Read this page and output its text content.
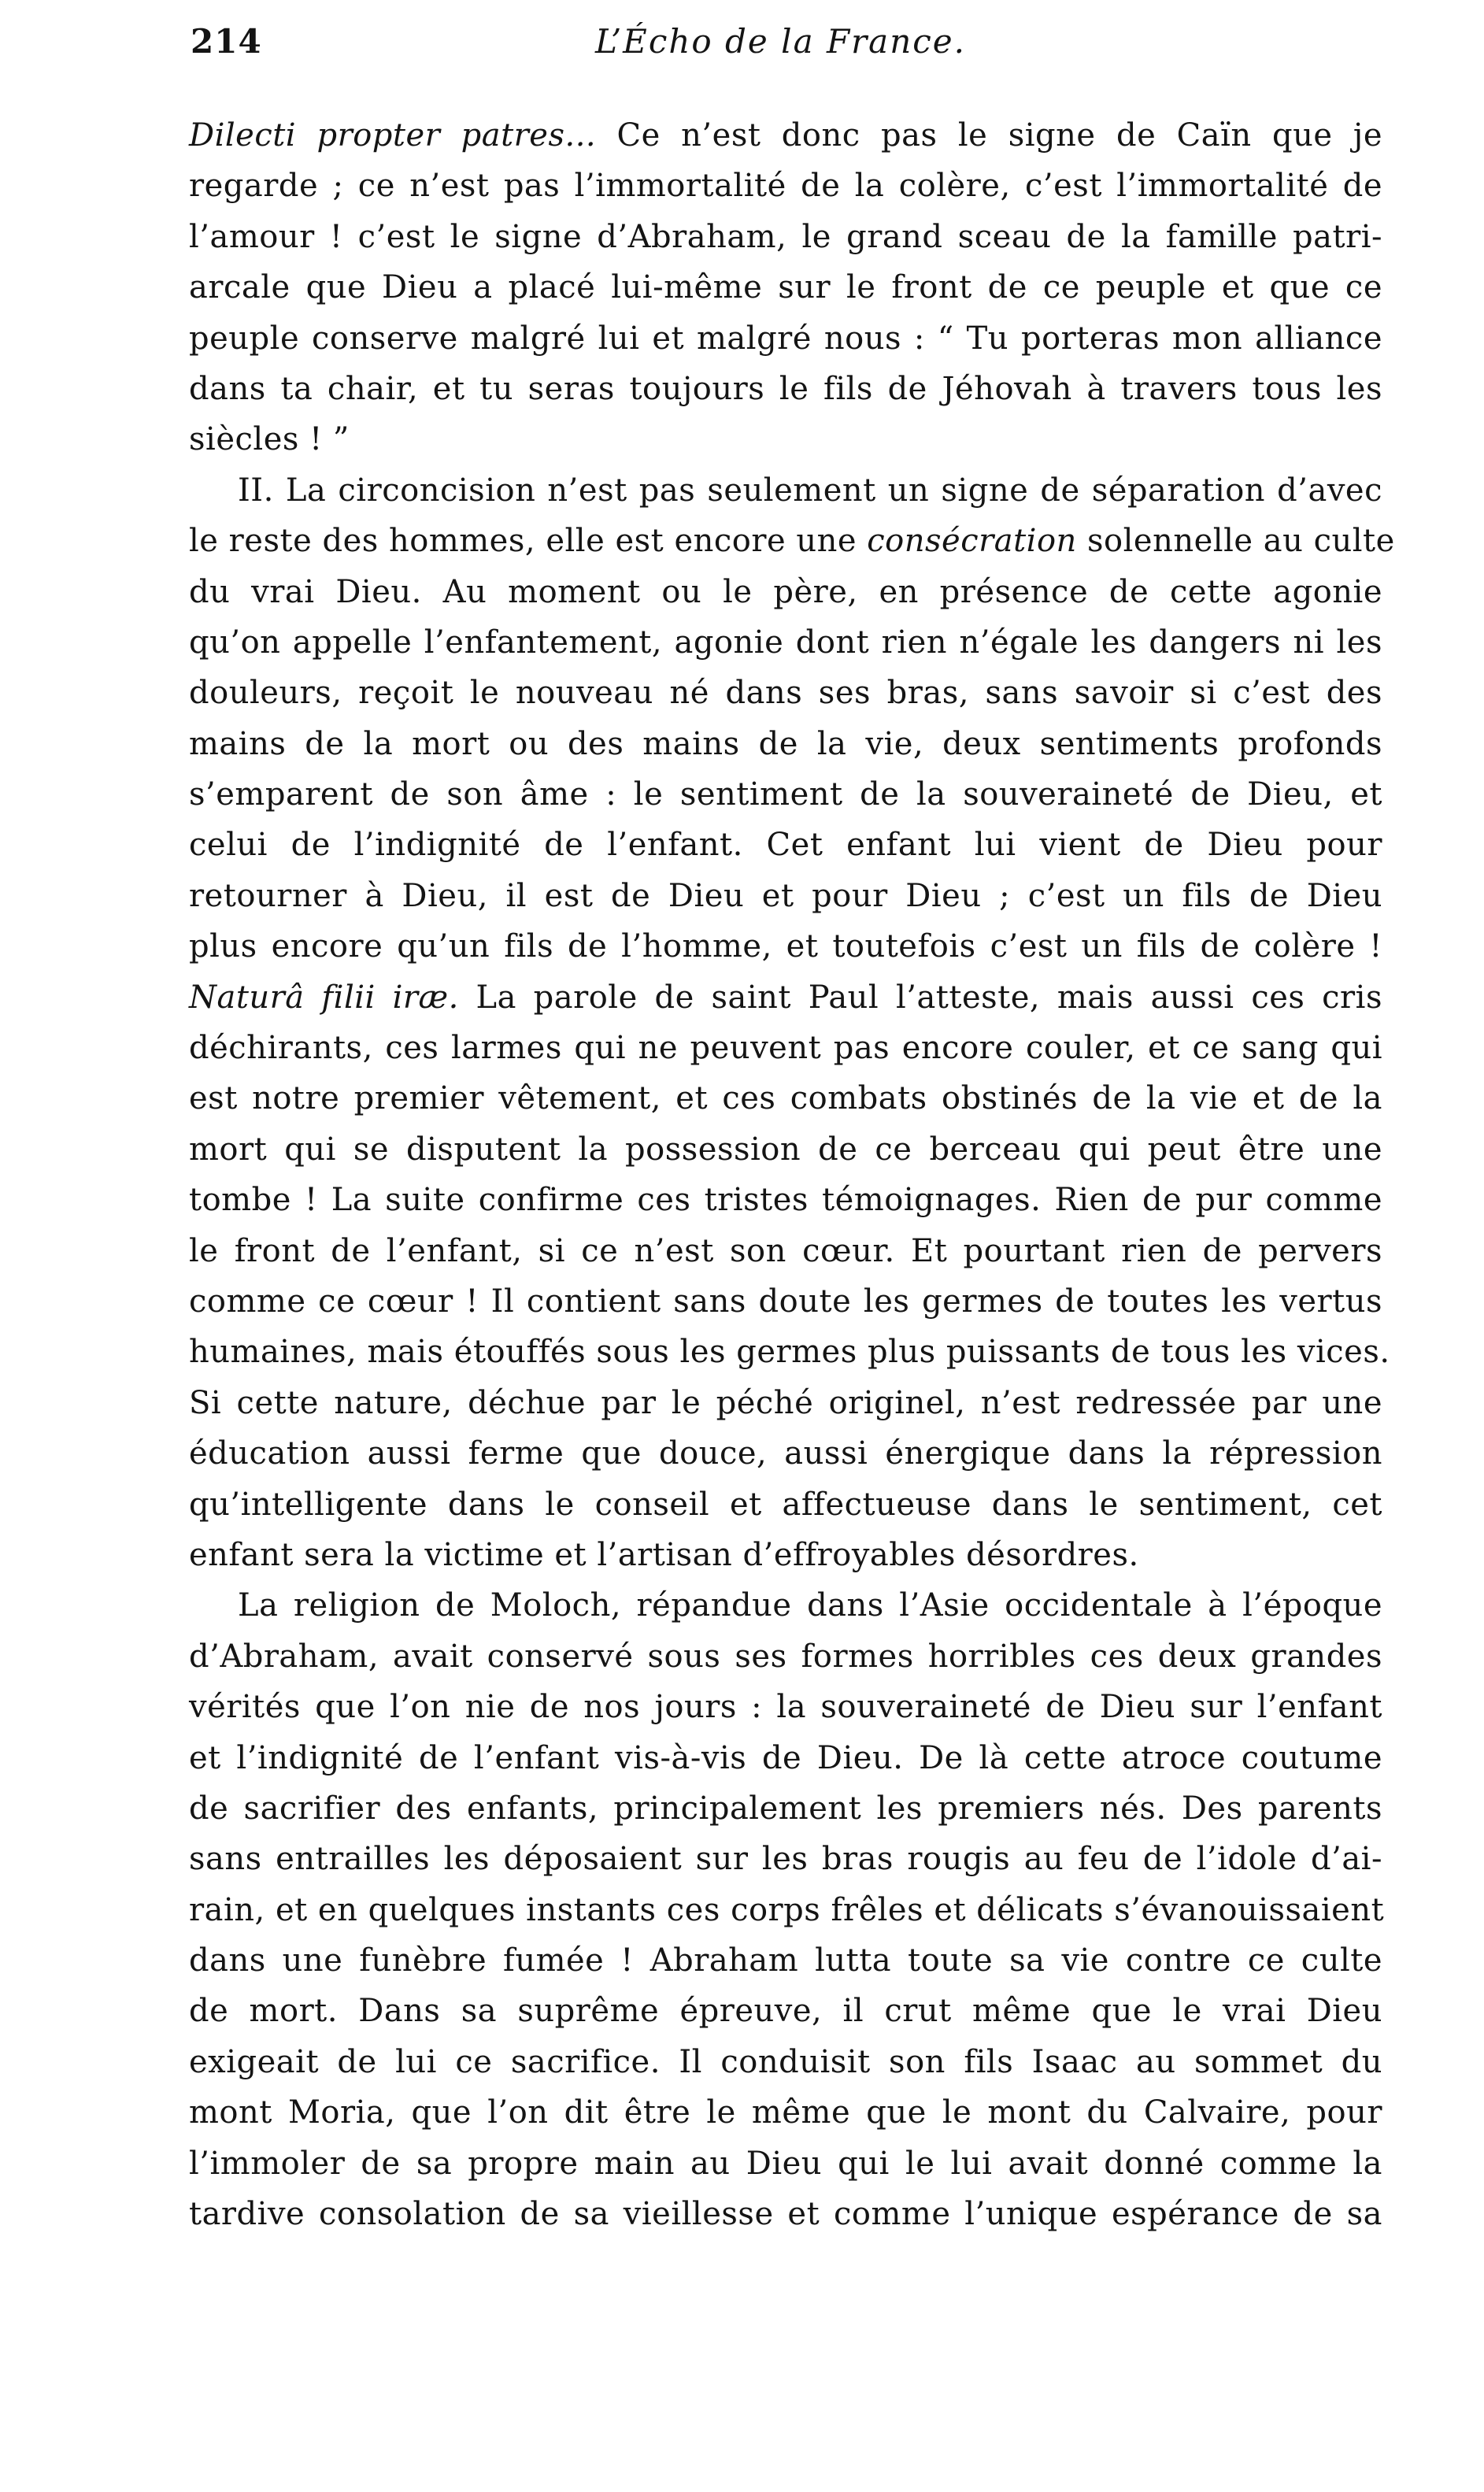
214	L’Écho de la France.
Dilecti propter patres... Ce n’est donc pas le signe de Caïn que je
regarde ; ce n’est pas l’immortalité de la colère, c’est l’immortalité de
l’amour ! c’est le signe d’Abraham, le grand sceau de la famille patri-
arcale que Dieu a placé lui-même sur le front de ce peuple et que ce
peuple conserve malgré lui et malgré nous : “ Tu porteras mon alliance
dans ta chair, et tu seras toujours le fils de Jéhovah à travers tous les
siècles ! ”
II. La circoncision n’est pas seulement un signe de séparation d’avec
le reste des hommes, elle est encore une consécration solennelle au culte
du vrai Dieu. Au moment ou le père, en présence de cette agonie
qu’on appelle l’enfantement, agonie dont rien n’égale les dangers ni les
douleurs, reçoit le nouveau né dans ses bras, sans savoir si c’est des
mains de la mort ou des mains de la vie, deux sentiments profonds
s’emparent de son âme : le sentiment de la souveraineté de Dieu, et
celui de l’indignité de l’enfant. Cet enfant lui vient de Dieu pour
retourner à Dieu, il est de Dieu et pour Dieu ; c’est un fils de Dieu
plus encore qu’un fils de l’homme, et toutefois c’est un fils de colère !
Naturâ filii iræ. La parole de saint Paul l’atteste, mais aussi ces cris
déchirants, ces larmes qui ne peuvent pas encore couler, et ce sang qui
est notre premier vêtement, et ces combats obstinés de la vie et de la
mort qui se disputent la possession de ce berceau qui peut être une
tombe ! La suite confirme ces tristes témoignages. Rien de pur comme
le front de l’enfant, si ce n’est son cœur. Et pourtant rien de pervers
comme ce cœur ! Il contient sans doute les germes de toutes les vertus
humaines, mais étouffés sous les germes plus puissants de tous les vices.
Si cette nature, déchue par le péché originel, n’est redressée par une
éducation aussi ferme que douce, aussi énergique dans la répression
qu’intelligente dans le conseil et affectueuse dans le sentiment, cet
enfant sera la victime et l’artisan d’effroyables désordres.
La religion de Moloch, répandue dans l’Asie occidentale à l’époque
d’Abraham, avait conservé sous ses formes horribles ces deux grandes
vérités que l’on nie de nos jours : la souveraineté de Dieu sur l’enfant
et l’indignité de l’enfant vis-à-vis de Dieu. De là cette atroce coutume
de sacrifier des enfants, principalement les premiers nés. Des parents
sans entrailles les déposaient sur les bras rougis au feu de l’idole d’ai-
rain, et en quelques instants ces corps frêles et délicats s’évanouissaient
dans une funèbre fumée ! Abraham lutta toute sa vie contre ce culte
de mort. Dans sa suprême épreuve, il crut même que le vrai Dieu
exigeait de lui ce sacrifice. Il conduisit son fils Isaac au sommet du
mont Moria, que l’on dit être le même que le mont du Calvaire, pour
l’immoler de sa propre main au Dieu qui le lui avait donné comme la
tardive consolation de sa vieillesse et comme l’unique espérance de sa
